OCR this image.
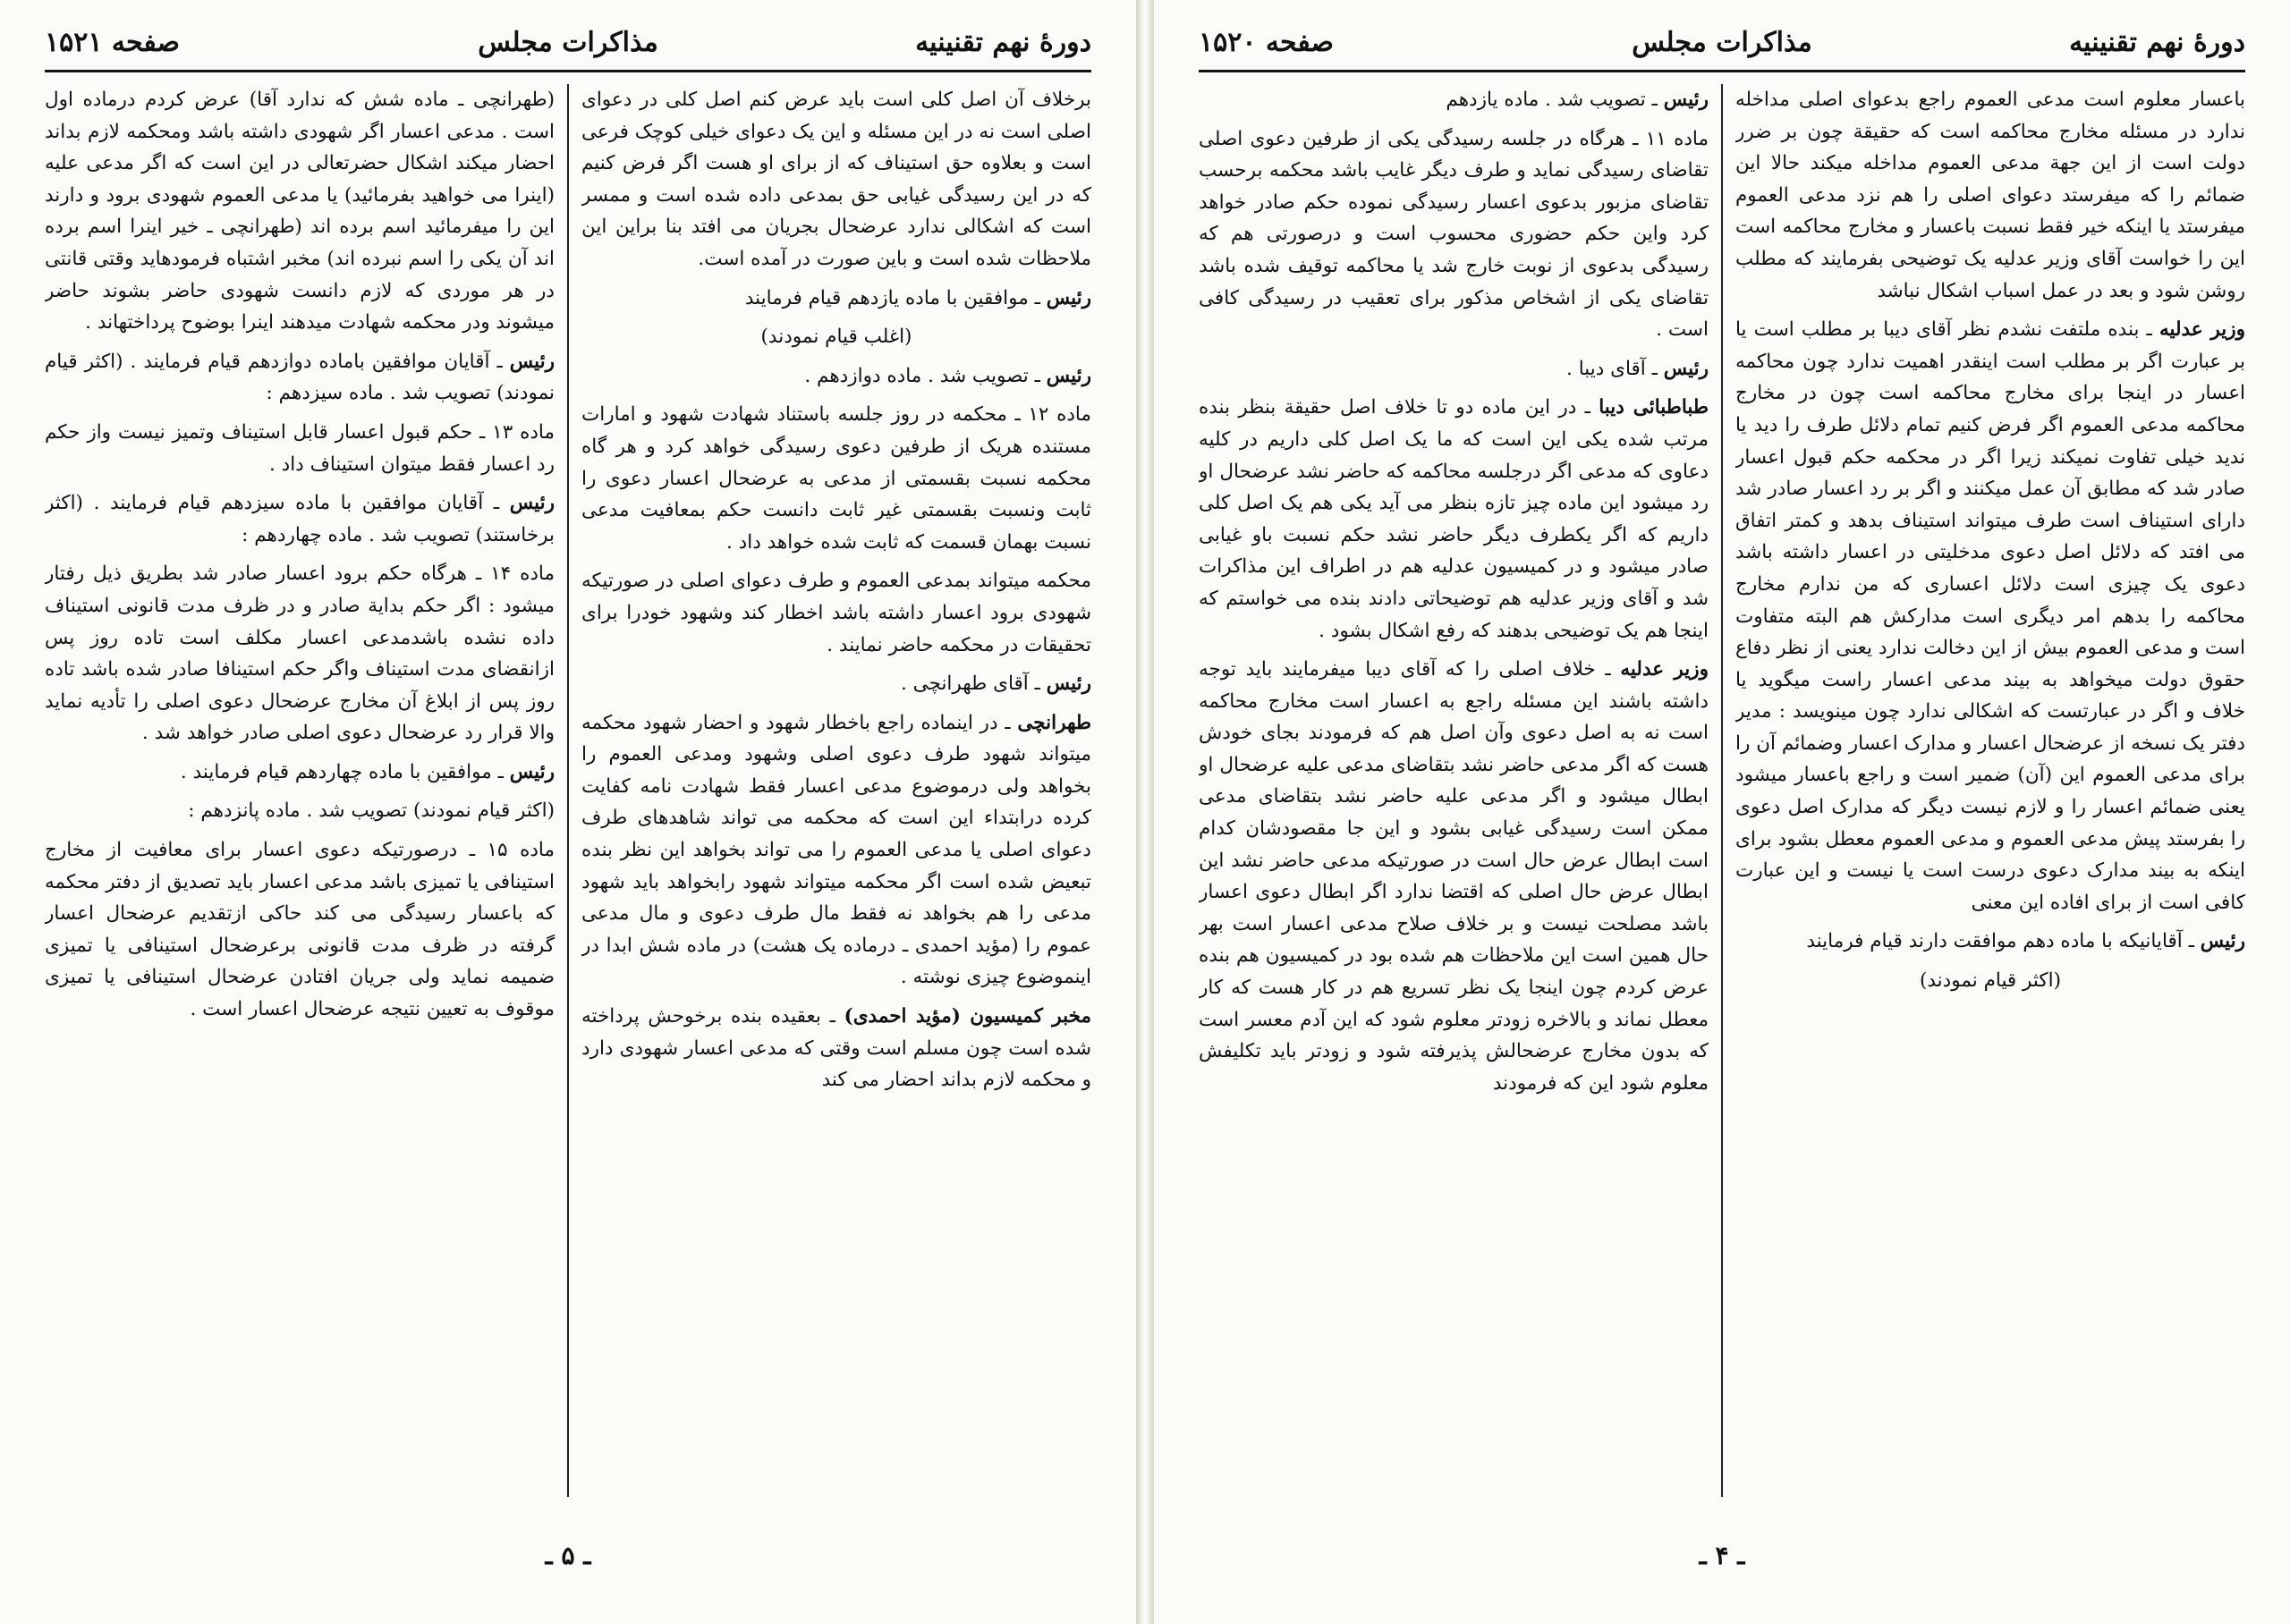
دورهٔ نهم تقنینیه
مذاکرات مجلس
صفحه ۱۵۲۱

برخلاف آن اصل کلی است باید عرض کنم اصل کلی در دعوای اصلی است نه در این مسئله و این یک دعوای خیلی کوچک فرعی است و بعلاوه حق استیناف که از برای او هست اگر فرض کنیم که در این رسیدگی غیابی حق بمدعی داده شده است و ممسر است که اشکالی ندارد عرضحال بجریان می افتد بنا براین این ملاحظات شده است و باین صورت در آمده است.

رئیس ـ موافقین با ماده یازدهم قیام فرمایند

(اغلب قیام نمودند)

رئیس ـ تصویب شد . ماده دوازدهم .

ماده ۱۲ ـ محکمه در روز جلسه باستناد شهادت شهود و امارات مستنده هریک از طرفین دعوی رسیدگی خواهد کرد و هر گاه محکمه نسبت بقسمتی از مدعی به عرضحال اعسار دعوی را ثابت ونسبت بقسمتی غیر ثابت دانست حکم بمعافیت مدعی نسبت بهمان قسمت که ثابت شده خواهد داد .

محکمه میتواند بمدعی العموم و طرف دعوای اصلی در صورتیکه شهودی برود اعسار داشته باشد اخطار کند وشهود خودرا برای تحقیقات در محکمه حاضر نمایند .

رئیس ـ آقای طهرانچی .

طهرانچی ـ در اینماده راجع باخطار شهود و احضار شهود محکمه میتواند شهود طرف دعوی اصلی وشهود ومدعی العموم را بخواهد ولی درموضوع مدعی اعسار فقط شهادت نامه کفایت کرده درابتداء این است که محکمه می تواند شاهدهای طرف دعوای اصلی یا مدعی العموم را می تواند بخواهد این نظر بنده تبعیض شده است اگر محکمه میتواند شهود رابخواهد باید شهود مدعی را هم بخواهد نه فقط مال طرف دعوی و مال مدعی عموم را (مؤید احمدی ـ درماده یک هشت) در ماده شش ابدا در اینموضوع چیزی نوشته .

مخبر کمیسیون (مؤید احمدی) ـ بعقیده بنده برخوحش پرداخته شده است چون مسلم است وقتی که مدعی اعسار شهودی دارد و محکمه لازم بداند احضار می کند

(طهرانچی ـ ماده شش که ندارد آقا) عرض کردم درماده اول است . مدعی اعسار اگر شهودی داشته باشد ومحکمه لازم بداند احضار میکند اشکال حضرتعالی در این است که اگر مدعی علیه (اینرا می خواهید بفرمائید) یا مدعی العموم شهودی برود و دارند این را میفرمائید اسم برده اند (طهرانچی ـ خیر اینرا اسم برده اند آن یکی را اسم نبرده اند) مخبر اشتباه فرمودهاید وقتی قانتی در هر موردی که لازم دانست شهودی حاضر بشوند حاضر میشوند ودر محکمه شهادت میدهند اینرا بوضوح پرداختهاند .

رئیس ـ آقایان موافقین باماده دوازدهم قیام فرمایند . (اکثر قیام نمودند) تصویب شد . ماده سیزدهم :

ماده ۱۳ ـ حکم قبول اعسار قابل استیناف وتمیز نیست واز حکم رد اعسار فقط میتوان استیناف داد .

رئیس ـ آقایان موافقین با ماده سیزدهم قیام فرمایند . (اکثر برخاستند) تصویب شد . ماده چهاردهم :

ماده ۱۴ ـ هرگاه حکم برود اعسار صادر شد بطریق ذیل رفتار میشود : اگر حکم بدایة صادر و در ظرف مدت قانونی استیناف داده نشده باشدمدعی اعسار مکلف است تاده روز پس ازانقضای مدت استیناف واگر حکم استینافا صادر شده باشد تاده روز پس از ابلاغ آن مخارج عرضحال دعوی اصلی را تأدیه نماید والا قرار رد عرضحال دعوی اصلی صادر خواهد شد .

رئیس ـ موافقین با ماده چهاردهم قیام فرمایند .

(اکثر قیام نمودند) تصویب شد . ماده پانزدهم :

ماده ۱۵ ـ درصورتیکه دعوی اعسار برای معافیت از مخارج استینافی یا تمیزی باشد مدعی اعسار باید تصدیق از دفتر محکمه که باعسار رسیدگی می کند حاکی ازتقدیم عرضحال اعسار گرفته در ظرف مدت قانونی برعرضحال استینافی یا تمیزی ضمیمه نماید ولی جریان افتادن عرضحال استینافی یا تمیزی موقوف به تعیین نتیجه عرضحال اعسار است .

ـ ۵ ـ
دورهٔ نهم تقنینیه
مذاکرات مجلس
صفحه ۱۵۲۰

باعسار معلوم است مدعی العموم راجع بدعوای اصلی مداخله ندارد در مسئله مخارج محاکمه است که حقیقة چون بر ضرر دولت است از این جهة مدعی العموم مداخله میکند حالا این ضمائم را که میفرستد دعوای اصلی را هم نزد مدعی العموم میفرستد یا اینکه خیر فقط نسبت باعسار و مخارج محاکمه است این را خواست آقای وزیر عدلیه یک توضیحی بفرمایند که مطلب روشن شود و بعد در عمل اسباب اشکال نباشد

وزیر عدلیه ـ بنده ملتفت نشدم نظر آقای دیبا بر مطلب است یا بر عبارت اگر بر مطلب است اینقدر اهمیت ندارد چون محاکمه اعسار در اینجا برای مخارج محاکمه است چون در مخارج محاکمه مدعی العموم اگر فرض کنیم تمام دلائل طرف را دید یا ندید خیلی تفاوت نمیکند زیرا اگر در محکمه حکم قبول اعسار صادر شد که مطابق آن عمل میکنند و اگر بر رد اعسار صادر شد دارای استیناف است طرف میتواند استیناف بدهد و کمتر اتفاق می افتد که دلائل اصل دعوی مدخلیتی در اعسار داشته باشد دعوی یک چیزی است دلائل اعساری که من ندارم مخارج محاکمه را بدهم امر دیگری است مدارکش هم البته متفاوت است و مدعی العموم بیش از این دخالت ندارد یعنی از نظر دفاع حقوق دولت میخواهد به بیند مدعی اعسار راست میگوید یا خلاف و اگر در عبارتست که اشکالی ندارد چون مینویسد : مدیر دفتر یک نسخه از عرضحال اعسار و مدارک اعسار وضمائم آن را برای مدعی العموم این (آن) ضمیر است و راجع باعسار میشود یعنی ضمائم اعسار را و لازم نیست دیگر که مدارک اصل دعوی را بفرستد پیش مدعی العموم و مدعی العموم معطل بشود برای اینکه به بیند مدارک دعوی درست است یا نیست و این عبارت کافی است از برای افاده این معنی

رئیس ـ آقایانیکه با ماده دهم موافقت دارند قیام فرمایند

(اکثر قیام نمودند)

رئیس ـ تصویب شد . ماده یازدهم

ماده ۱۱ ـ هرگاه در جلسه رسیدگی یکی از طرفین دعوی اصلی تقاضای رسیدگی نماید و طرف دیگر غایب باشد محکمه برحسب تقاضای مزبور بدعوی اعسار رسیدگی نموده حکم صادر خواهد کرد واین حکم حضوری محسوب است و درصورتی هم که رسیدگی بدعوی از نوبت خارج شد یا محاکمه توقیف شده باشد تقاضای یکی از اشخاص مذکور برای تعقیب در رسیدگی کافی است .

رئیس ـ آقای دیبا .

طباطبائی دیبا ـ در این ماده دو تا خلاف اصل حقیقة بنظر بنده مرتب شده یکی این است که ما یک اصل کلی داریم در کلیه دعاوی که مدعی اگر درجلسه محاکمه که حاضر نشد عرضحال او رد میشود این ماده چیز تازه بنظر می آید یکی هم یک اصل کلی داریم که اگر یکطرف دیگر حاضر نشد حکم نسبت باو غیابی صادر میشود و در کمیسیون عدلیه هم در اطراف این مذاکرات شد و آقای وزیر عدلیه هم توضیحاتی دادند بنده می خواستم که اینجا هم یک توضیحی بدهند که رفع اشکال بشود .

وزیر عدلیه ـ خلاف اصلی را که آقای دیبا میفرمایند باید توجه داشته باشند این مسئله راجع به اعسار است مخارج محاکمه است نه به اصل دعوی وآن اصل هم که فرمودند بجای خودش هست که اگر مدعی حاضر نشد بتقاضای مدعی علیه عرضحال او ابطال میشود و اگر مدعی علیه حاضر نشد بتقاضای مدعی ممکن است رسیدگی غیابی بشود و این جا مقصودشان کدام است ابطال عرض حال است در صورتیکه مدعی حاضر نشد این ابطال عرض حال اصلی که اقتضا ندارد اگر ابطال دعوی اعسار باشد مصلحت نیست و بر خلاف صلاح مدعی اعسار است بهر حال همین است این ملاحظات هم شده بود در کمیسیون هم بنده عرض کردم چون اینجا یک نظر تسریع هم در کار هست که کار معطل نماند و بالاخره زودتر معلوم شود که این آدم معسر است که بدون مخارج عرضحالش پذیرفته شود و زودتر باید تکلیفش معلوم شود این که فرمودند

ـ ۴ ـ
